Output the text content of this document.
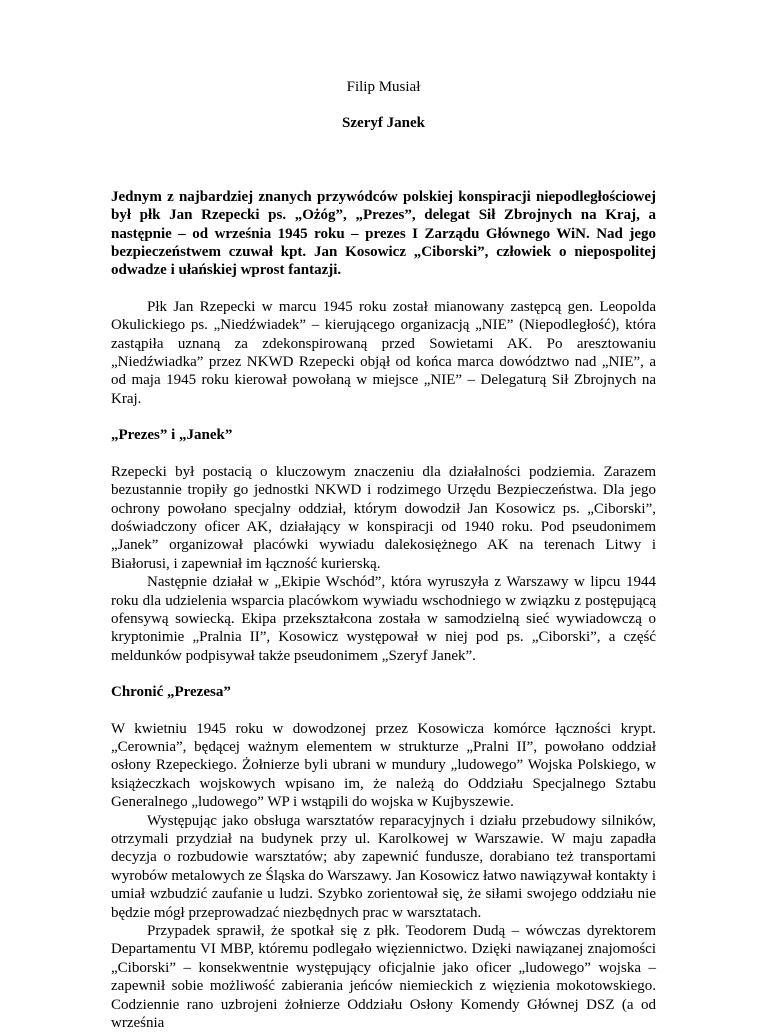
Filip Musiał

Szeryf Janek

Jednym z najbardziej znanych przywódców polskiej konspiracji niepodległościowej był płk Jan Rzepecki ps. „Ożóg”, „Prezes”, delegat Sił Zbrojnych na Kraj, a następnie – od września 1945 roku – prezes I Zarządu Głównego WiN. Nad jego bezpieczeństwem czuwał kpt. Jan Kosowicz „Ciborski”, człowiek o niepospolitej odwadze i ułańskiej wprost fantazji.

Płk Jan Rzepecki w marcu 1945 roku został mianowany zastępcą gen. Leopolda Okulickiego ps. „Niedźwiadek” – kierującego organizacją „NIE” (Niepodległość), która zastąpiła uznaną za zdekonspirowaną przed Sowietami AK. Po aresztowaniu „Niedźwiadka” przez NKWD Rzepecki objął od końca marca dowództwo nad „NIE”, a od maja 1945 roku kierował powołaną w miejsce „NIE” – Delegaturą Sił Zbrojnych na Kraj.

„Prezes” i „Janek”

Rzepecki był postacią o kluczowym znaczeniu dla działalności podziemia. Zarazem bezustannie tropiły go jednostki NKWD i rodzimego Urzędu Bezpieczeństwa. Dla jego ochrony powołano specjalny oddział, którym dowodził Jan Kosowicz ps. „Ciborski”, doświadczony oficer AK, działający w konspiracji od 1940 roku. Pod pseudonimem „Janek” organizował placówki wywiadu dalekosiężnego AK na terenach Litwy i Białorusi, i zapewniał im łączność kurierską.

Następnie działał w „Ekipie Wschód”, która wyruszyła z Warszawy w lipcu 1944 roku dla udzielenia wsparcia placówkom wywiadu wschodniego w związku z postępującą ofensywą sowiecką. Ekipa przekształcona została w samodzielną sieć wywiadowczą o kryptonimie „Pralnia II”, Kosowicz występował w niej pod ps. „Ciborski”, a część meldunków podpisywał także pseudonimem „Szeryf Janek”.

Chronić „Prezesa”

W kwietniu 1945 roku w dowodzonej przez Kosowicza komórce łączności krypt. „Cerownia”, będącej ważnym elementem w strukturze „Pralni II”, powołano oddział osłony Rzepeckiego. Żołnierze byli ubrani w mundury „ludowego” Wojska Polskiego, w książeczkach wojskowych wpisano im, że należą do Oddziału Specjalnego Sztabu Generalnego „ludowego” WP i wstąpili do wojska w Kujbyszewie.

Występując jako obsługa warsztatów reparacyjnych i działu przebudowy silników, otrzymali przydział na budynek przy ul. Karolkowej w Warszawie. W maju zapadła decyzja o rozbudowie warsztatów; aby zapewnić fundusze, dorabiano też transportami wyrobów metalowych ze Śląska do Warszawy. Jan Kosowicz łatwo nawiązywał kontakty i umiał wzbudzić zaufanie u ludzi. Szybko zorientował się, że siłami swojego oddziału nie będzie mógł przeprowadzać niezbędnych prac w warsztatach.

Przypadek sprawił, że spotkał się z płk. Teodorem Dudą – wówczas dyrektorem Departamentu VI MBP, któremu podlegało więziennictwo. Dzięki nawiązanej znajomości „Ciborski” – konsekwentnie występujący oficjalnie jako oficer „ludowego” wojska – zapewnił sobie możliwość zabierania jeńców niemieckich z więzienia mokotowskiego. Codziennie rano uzbrojeni żołnierze Oddziału Osłony Komendy Głównej DSZ (a od września
